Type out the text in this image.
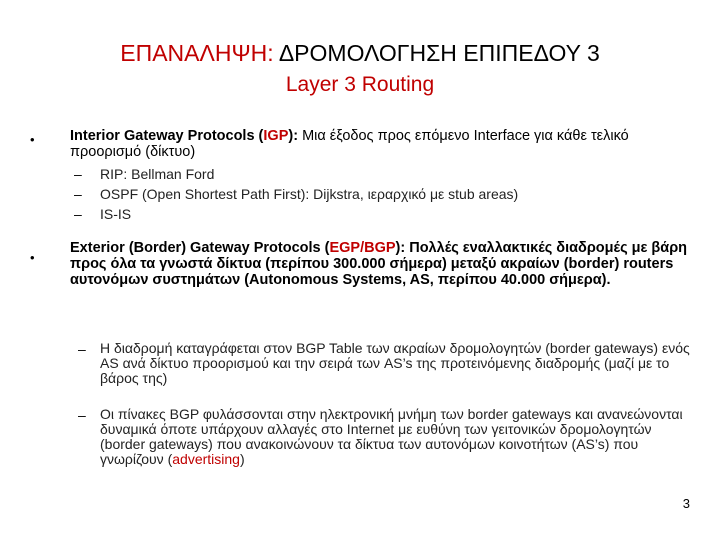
ΕΠΑΝΑΛΗΨΗ: ΔΡΟΜΟΛΟΓΗΣΗ ΕΠΙΠΕΔΟΥ 3
Layer 3 Routing
• Interior Gateway Protocols (IGP): Μια έξοδος προς επόμενο Interface για κάθε τελικό προορισμό (δίκτυο)
– RIP: Bellman Ford
– OSPF (Open Shortest Path First): Dijkstra, ιεραρχικό με stub areas)
– IS-IS
•
Exterior (Border) Gateway Protocols (EGP/BGP): Πολλές εναλλακτικές διαδρομές με βάρη προς όλα τα γνωστά δίκτυα (περίπου 300.000 σήμερα) μεταξύ ακραίων (border) routers αυτονόμων συστημάτων (Autonomous Systems, AS, περίπου 40.000 σήμερα).
– Η διαδρομή καταγράφεται στον BGP Table των ακραίων δρομολογητών (border gateways) ενός AS ανά δίκτυο προορισμού και την σειρά των AS’s της προτεινόμενης διαδρομής (μαζί με το βάρος της)
– Οι πίνακες BGP φυλάσσονται στην ηλεκτρονική μνήμη των border gateways και ανανεώνονται δυναμικά όποτε υπάρχουν αλλαγές στο Internet με ευθύνη των γειτονικών δρομολογητών (border gateways) που ανακοινώνουν τα δίκτυα των αυτονόμων κοινοτήτων (AS’s) που γνωρίζουν (advertising)
3
